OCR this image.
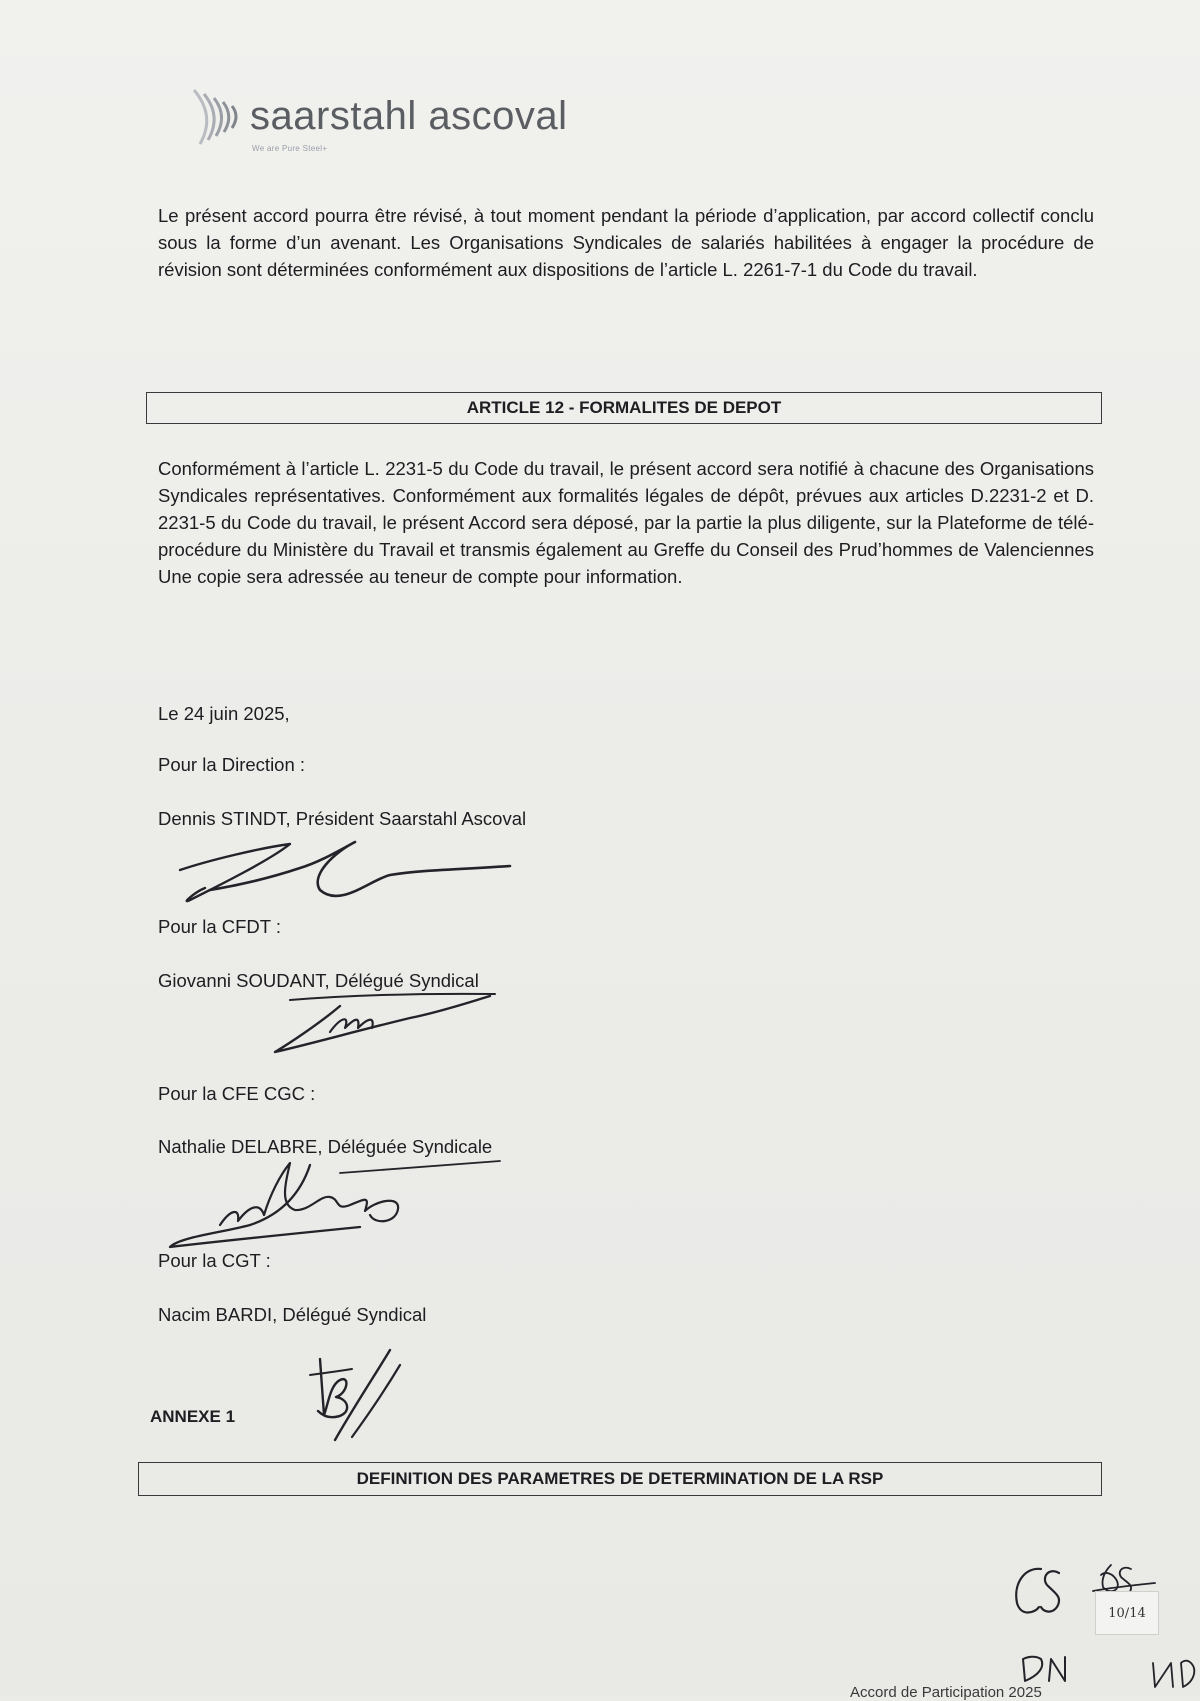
saarstahl ascoval
We are Pure Steel+

Le présent accord pourra être révisé, à tout moment pendant la période d’application, par accord collectif conclu sous la forme d’un avenant. Les Organisations Syndicales de salariés habilitées à engager la procédure de révision sont déterminées conformément aux dispositions de l’article L. 2261-7-1 du Code du travail.

ARTICLE 12 - FORMALITES DE DEPOT

Conformément à l’article L. 2231-5 du Code du travail, le présent accord sera notifié à chacune des Organisations Syndicales représentatives. Conformément aux formalités légales de dépôt, prévues aux articles D.2231-2 et D. 2231-5 du Code du travail, le présent Accord sera déposé, par la partie la plus diligente, sur la Plateforme de télé-procédure du Ministère du Travail et transmis également au Greffe du Conseil des Prud’hommes de Valenciennes Une copie sera adressée au teneur de compte pour information.

Le 24 juin 2025,

Pour la Direction :

Dennis STINDT, Président Saarstahl Ascoval

Pour la CFDT :

Giovanni SOUDANT, Délégué Syndical

Pour la CFE CGC :

Nathalie DELABRE, Déléguée Syndicale

Pour la CGT :

Nacim BARDI, Délégué Syndical

ANNEXE 1

DEFINITION DES PARAMETRES DE DETERMINATION DE LA RSP
10/14
Accord de Participation 2025
